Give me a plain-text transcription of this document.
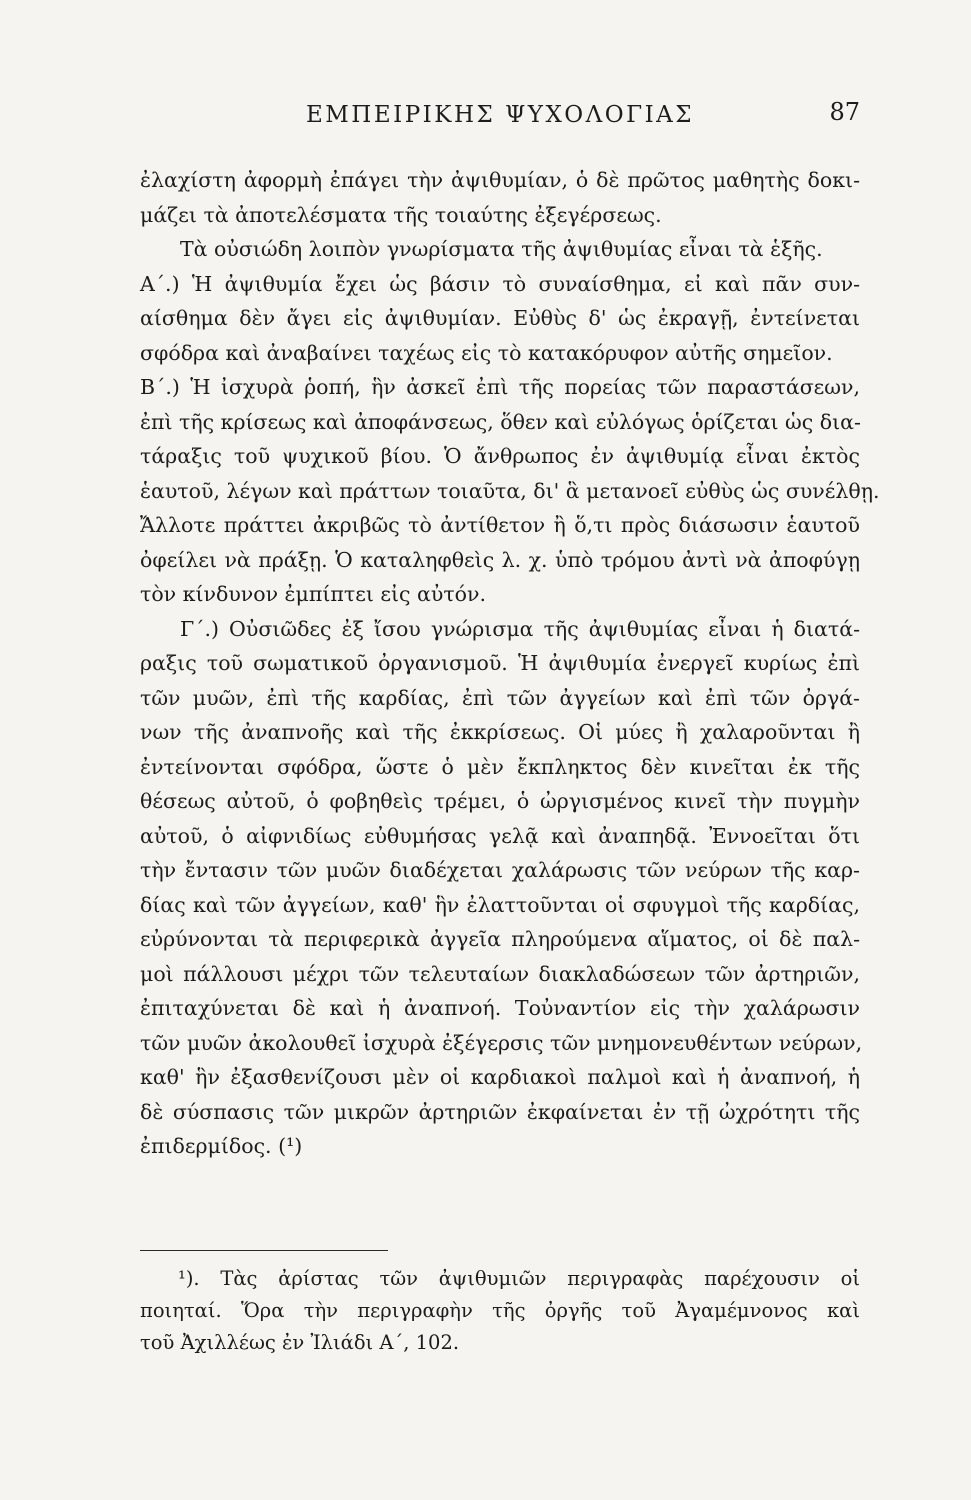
ΕΜΠΕΙΡΙΚΗΣ ΨΥΧΟΛΟΓΙΑΣ	87
ἐλαχίστη ἀφορμὴ ἐπάγει τὴν ἀψιθυμίαν, ὁ δὲ πρῶτος μαθητὴς δοκι-
μάζει τὰ ἀποτελέσματα τῆς τοιαύτης ἐξεγέρσεως.
Τὰ οὐσιώδη λοιπὸν γνωρίσματα τῆς ἀψιθυμίας εἶναι τὰ ἑξῆς.
Α΄.) Ἡ ἀψιθυμία ἔχει ὡς βάσιν τὸ συναίσθημα, εἰ καὶ πᾶν συν-
αίσθημα δὲν ἄγει εἰς ἀψιθυμίαν. Εὐθὺς δ' ὡς ἐκραγῇ, ἐντείνεται
σφόδρα καὶ ἀναβαίνει ταχέως εἰς τὸ κατακόρυφον αὐτῆς σημεῖον.
Β΄.) Ἡ ἰσχυρὰ ῥοπή, ἣν ἀσκεῖ ἐπὶ τῆς πορείας τῶν παραστάσεων,
ἐπὶ τῆς κρίσεως καὶ ἀποφάνσεως, ὅθεν καὶ εὐλόγως ὁρίζεται ὡς δια-
τάραξις τοῦ ψυχικοῦ βίου. Ὁ ἄνθρωπος ἐν ἀψιθυμίᾳ εἶναι ἐκτὸς
ἑαυτοῦ, λέγων καὶ πράττων τοιαῦτα, δι' ἃ μετανοεῖ εὐθὺς ὡς συνέλθῃ.
Ἄλλοτε πράττει ἀκριβῶς τὸ ἀντίθετον ἢ ὅ,τι πρὸς διάσωσιν ἑαυτοῦ
ὀφείλει νὰ πράξῃ. Ὁ καταληφθεὶς λ. χ. ὑπὸ τρόμου ἀντὶ νὰ ἀποφύγῃ
τὸν κίνδυνον ἐμπίπτει εἰς αὐτόν.
Γ΄.) Οὐσιῶδες ἐξ ἴσου γνώρισμα τῆς ἀψιθυμίας εἶναι ἡ διατά-
ραξις τοῦ σωματικοῦ ὀργανισμοῦ. Ἡ ἀψιθυμία ἐνεργεῖ κυρίως ἐπὶ
τῶν μυῶν, ἐπὶ τῆς καρδίας, ἐπὶ τῶν ἀγγείων καὶ ἐπὶ τῶν ὀργά-
νων τῆς ἀναπνοῆς καὶ τῆς ἐκκρίσεως. Οἱ μύες ἢ χαλαροῦνται ἢ
ἐντείνονται σφόδρα, ὥστε ὁ μὲν ἔκπληκτος δὲν κινεῖται ἐκ τῆς
θέσεως αὐτοῦ, ὁ φοβηθεὶς τρέμει, ὁ ὠργισμένος κινεῖ τὴν πυγμὴν
αὐτοῦ, ὁ αἰφνιδίως εὐθυμήσας γελᾷ καὶ ἀναπηδᾷ. Ἐννοεῖται ὅτι
τὴν ἔντασιν τῶν μυῶν διαδέχεται χαλάρωσις τῶν νεύρων τῆς καρ-
δίας καὶ τῶν ἀγγείων, καθ' ἣν ἐλαττοῦνται οἱ σφυγμοὶ τῆς καρδίας,
εὐρύνονται τὰ περιφερικὰ ἀγγεῖα πληρούμενα αἵματος, οἱ δὲ παλ-
μοὶ πάλλουσι μέχρι τῶν τελευταίων διακλαδώσεων τῶν ἀρτηριῶν,
ἐπιταχύνεται δὲ καὶ ἡ ἀναπνοή. Τοὐναντίον εἰς τὴν χαλάρωσιν
τῶν μυῶν ἀκολουθεῖ ἰσχυρὰ ἐξέγερσις τῶν μνημονευθέντων νεύρων,
καθ' ἣν ἐξασθενίζουσι μὲν οἱ καρδιακοὶ παλμοὶ καὶ ἡ ἀναπνοή, ἡ
δὲ σύσπασις τῶν μικρῶν ἀρτηριῶν ἐκφαίνεται ἐν τῇ ὠχρότητι τῆς
ἐπιδερμίδος. (¹)
¹). Τὰς ἀρίστας τῶν ἀψιθυμιῶν περιγραφὰς παρέχουσιν οἱ
ποιηταί. Ὅρα τὴν περιγραφὴν τῆς ὀργῆς τοῦ Ἀγαμέμνονος καὶ
τοῦ Ἀχιλλέως ἐν Ἰλιάδι Α΄, 102.
